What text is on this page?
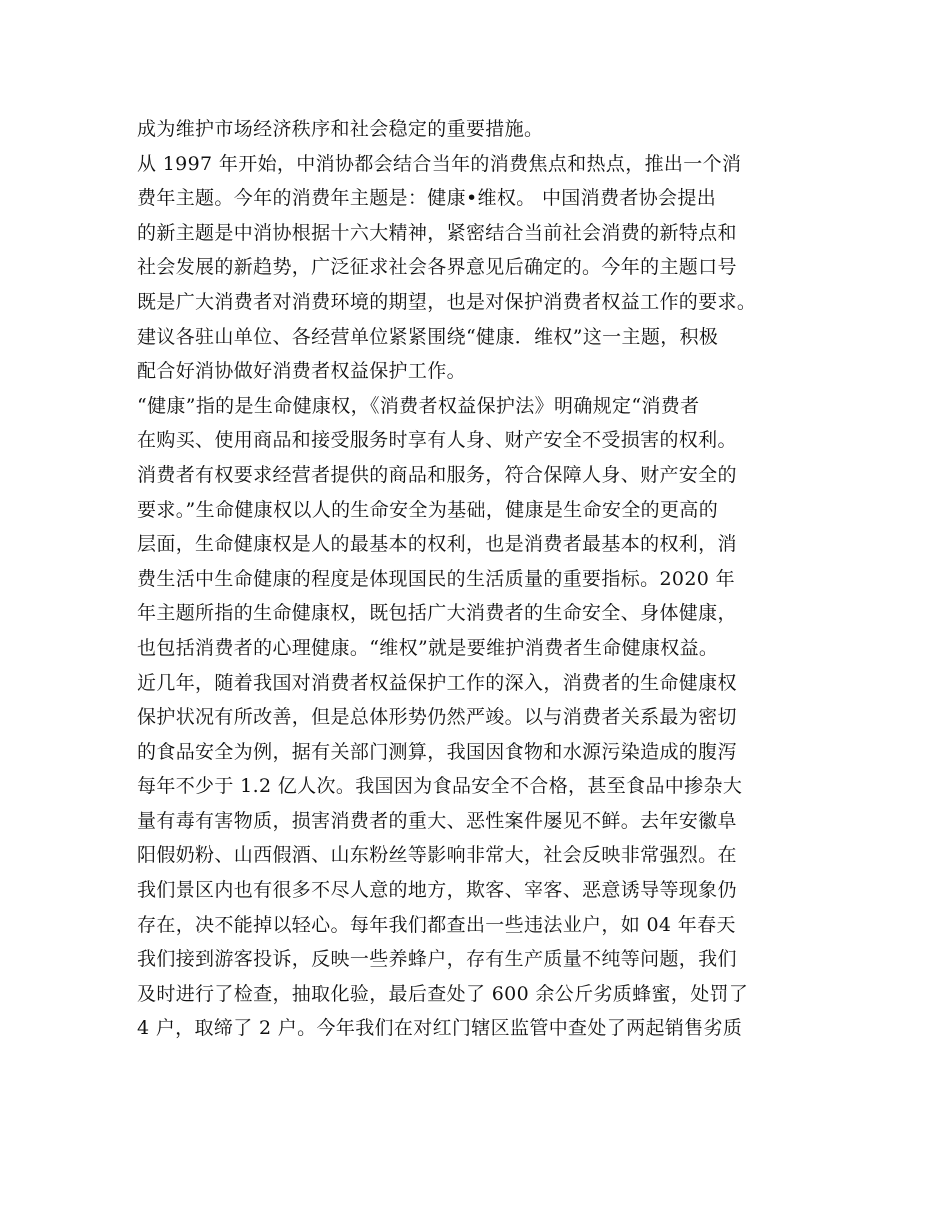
成为维护市场经济秩序和社会稳定的重要措施。
从 1997 年开始，中消协都会结合当年的消费焦点和热点，推出一个消
费年主题。今年的消费年主题是：健康•维权。 中国消费者协会提出
的新主题是中消协根据十六大精神，紧密结合当前社会消费的新特点和
社会发展的新趋势，广泛征求社会各界意见后确定的。今年的主题口号
既是广大消费者对消费环境的期望，也是对保护消费者权益工作的要求。
建议各驻山单位、各经营单位紧紧围绕“健康．维权”这一主题，积极
配合好消协做好消费者权益保护工作。
“健康”指的是生命健康权，《消费者权益保护法》明确规定“消费者
在购买、使用商品和接受服务时享有人身、财产安全不受损害的权利。
消费者有权要求经营者提供的商品和服务，符合保障人身、财产安全的
要求。”生命健康权以人的生命安全为基础，健康是生命安全的更高的
层面，生命健康权是人的最基本的权利，也是消费者最基本的权利，消
费生活中生命健康的程度是体现国民的生活质量的重要指标。2020 年
年主题所指的生命健康权，既包括广大消费者的生命安全、身体健康，
也包括消费者的心理健康。“维权”就是要维护消费者生命健康权益。
近几年，随着我国对消费者权益保护工作的深入，消费者的生命健康权
保护状况有所改善，但是总体形势仍然严竣。以与消费者关系最为密切
的食品安全为例，据有关部门测算，我国因食物和水源污染造成的腹泻
每年不少于 1.2 亿人次。我国因为食品安全不合格，甚至食品中掺杂大
量有毒有害物质，损害消费者的重大、恶性案件屡见不鲜。去年安徽阜
阳假奶粉、山西假酒、山东粉丝等影响非常大，社会反映非常强烈。在
我们景区内也有很多不尽人意的地方，欺客、宰客、恶意诱导等现象仍
存在，决不能掉以轻心。每年我们都查出一些违法业户，如 04 年春天
我们接到游客投诉，反映一些养蜂户，存有生产质量不纯等问题，我们
及时进行了检查，抽取化验，最后查处了 600 余公斤劣质蜂蜜，处罚了
4 户，取缔了 2 户。今年我们在对红门辖区监管中查处了两起销售劣质
